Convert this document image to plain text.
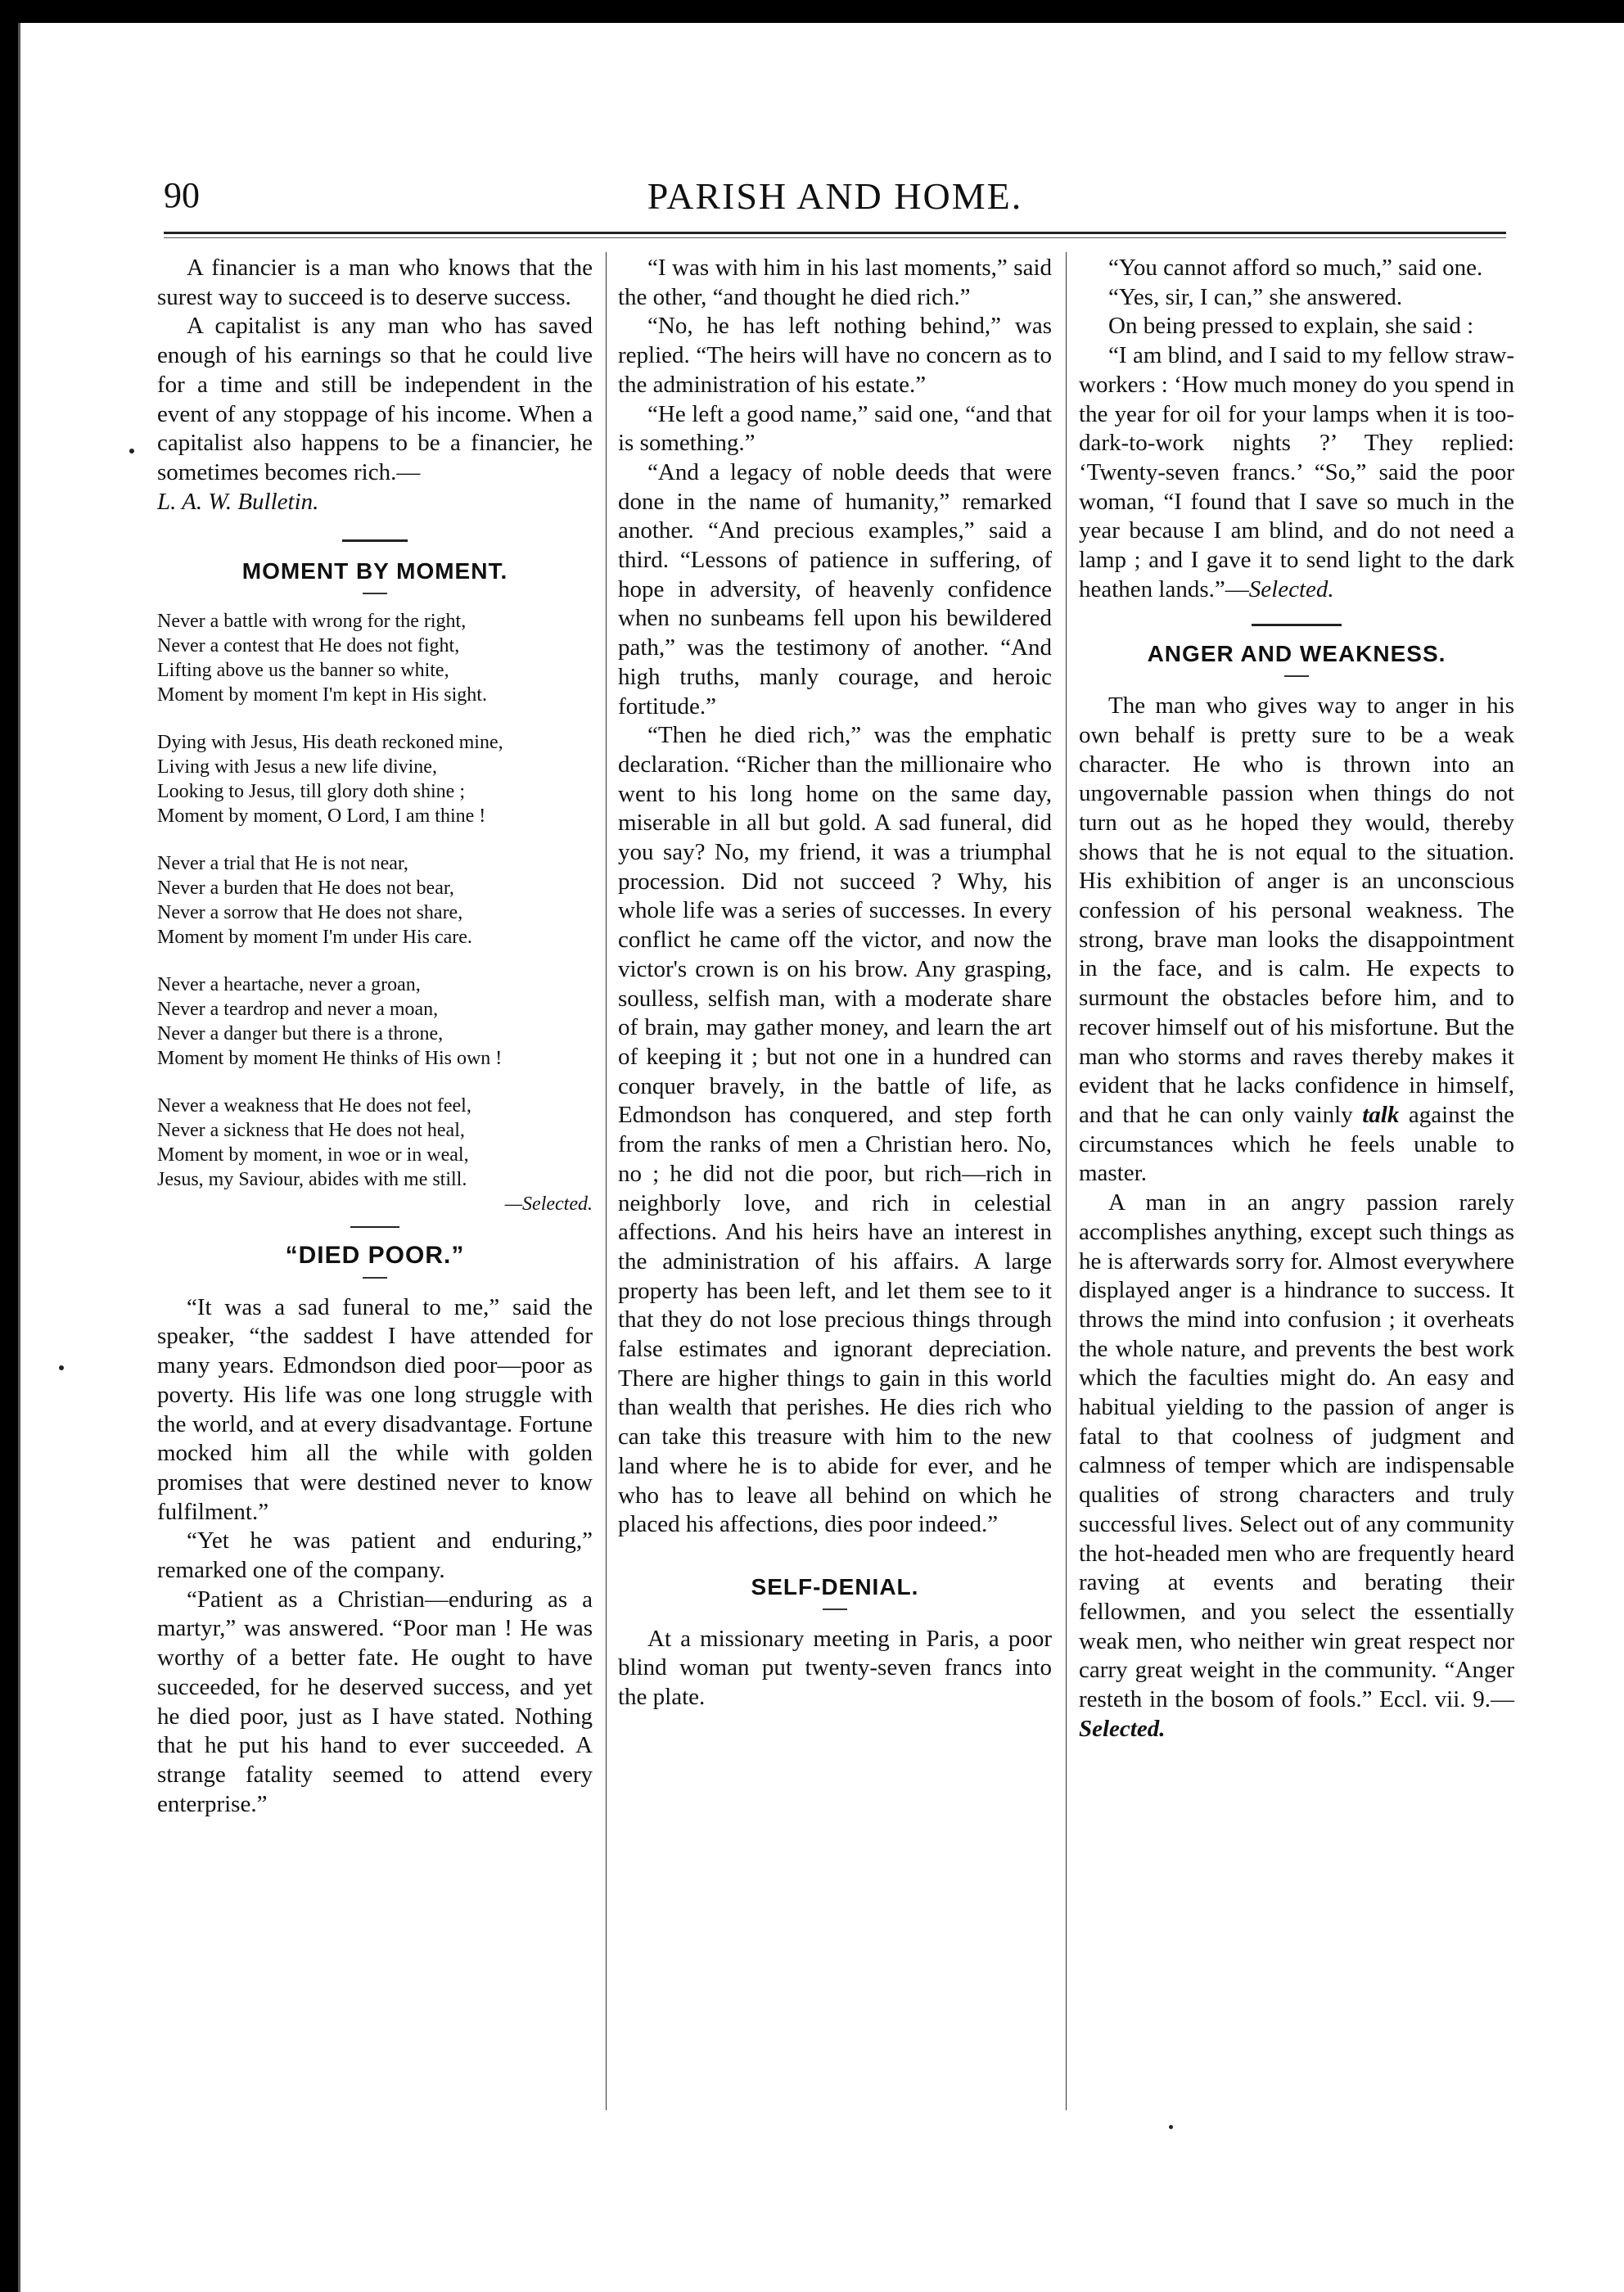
90	PARISH AND HOME.

A financier is a man who knows that the surest way to succeed is to deserve success.

A capitalist is any man who has saved enough of his earnings so that he could live for a time and still be independent in the event of any stoppage of his income. When a capitalist also happens to be a financier, he sometimes becomes rich.—
L. A. W. Bulletin.

MOMENT BY MOMENT.
Never a battle with wrong for the right,
Never a contest that He does not fight,
Lifting above us the banner so white,
Moment by moment I'm kept in His sight.
Dying with Jesus, His death reckoned mine,
Living with Jesus a new life divine,
Looking to Jesus, till glory doth shine ;
Moment by moment, O Lord, I am thine !
Never a trial that He is not near,
Never a burden that He does not bear,
Never a sorrow that He does not share,
Moment by moment I'm under His care.
Never a heartache, never a groan,
Never a teardrop and never a moan,
Never a danger but there is a throne,
Moment by moment He thinks of His own !
Never a weakness that He does not feel,
Never a sickness that He does not heal,
Moment by moment, in woe or in weal,
Jesus, my Saviour, abides with me still.
—Selected.
“DIED POOR.”

“It was a sad funeral to me,” said the speaker, “the saddest I have attended for many years. Edmondson died poor—poor as poverty. His life was one long struggle with the world, and at every disadvantage. Fortune mocked him all the while with golden promises that were destined never to know fulfilment.”

“Yet he was patient and enduring,” remarked one of the company.

“Patient as a Christian—enduring as a martyr,” was answered. “Poor man ! He was worthy of a better fate. He ought to have succeeded, for he deserved success, and yet he died poor, just as I have stated. Nothing that he put his hand to ever succeeded. A strange fatality seemed to attend every enterprise.”

“I was with him in his last moments,” said the other, “and thought he died rich.”

“No, he has left nothing behind,” was replied. “The heirs will have no concern as to the administration of his estate.”

“He left a good name,” said one, “and that is something.”

“And a legacy of noble deeds that were done in the name of humanity,” remarked another. “And precious examples,” said a third. “Lessons of patience in suffering, of hope in adversity, of heavenly confidence when no sunbeams fell upon his bewildered path,” was the testimony of another. “And high truths, manly courage, and heroic fortitude.”

“Then he died rich,” was the emphatic declaration. “Richer than the millionaire who went to his long home on the same day, miserable in all but gold. A sad funeral, did you say? No, my friend, it was a triumphal procession. Did not succeed ? Why, his whole life was a series of successes. In every conflict he came off the victor, and now the victor's crown is on his brow. Any grasping, soulless, selfish man, with a moderate share of brain, may gather money, and learn the art of keeping it ; but not one in a hundred can conquer bravely, in the battle of life, as Edmondson has conquered, and step forth from the ranks of men a Christian hero. No, no ; he did not die poor, but rich—rich in neighborly love, and rich in celestial affections. And his heirs have an interest in the administration of his affairs. A large property has been left, and let them see to it that they do not lose precious things through false estimates and ignorant depreciation. There are higher things to gain in this world than wealth that perishes. He dies rich who can take this treasure with him to the new land where he is to abide for ever, and he who has to leave all behind on which he placed his affections, dies poor indeed.”

SELF-DENIAL.

At a missionary meeting in Paris, a poor blind woman put twenty-seven francs into the plate.

“You cannot afford so much,” said one.

“Yes, sir, I can,” she answered.

On being pressed to explain, she said :

“I am blind, and I said to my fellow straw-workers : ‘How much money do you spend in the year for oil for your lamps when it is too-dark-to-work nights ?’ They replied: ‘Twenty-seven francs.’ “So,” said the poor woman, “I found that I save so much in the year because I am blind, and do not need a lamp ; and I gave it to send light to the dark heathen lands.”—Selected.

ANGER AND WEAKNESS.

The man who gives way to anger in his own behalf is pretty sure to be a weak character. He who is thrown into an ungovernable passion when things do not turn out as he hoped they would, thereby shows that he is not equal to the situation. His exhibition of anger is an unconscious confession of his personal weakness. The strong, brave man looks the disappointment in the face, and is calm. He expects to surmount the obstacles before him, and to recover himself out of his misfortune. But the man who storms and raves thereby makes it evident that he lacks confidence in himself, and that he can only vainly talk against the circumstances which he feels unable to master.

A man in an angry passion rarely accomplishes anything, except such things as he is afterwards sorry for. Almost everywhere displayed anger is a hindrance to success. It throws the mind into confusion ; it overheats the whole nature, and prevents the best work which the faculties might do. An easy and habitual yielding to the passion of anger is fatal to that coolness of judgment and calmness of temper which are indispensable qualities of strong characters and truly successful lives. Select out of any community the hot-headed men who are frequently heard raving at events and berating their fellowmen, and you select the essentially weak men, who neither win great respect nor carry great weight in the community. “Anger resteth in the bosom of fools.” Eccl. vii. 9.—Selected.
